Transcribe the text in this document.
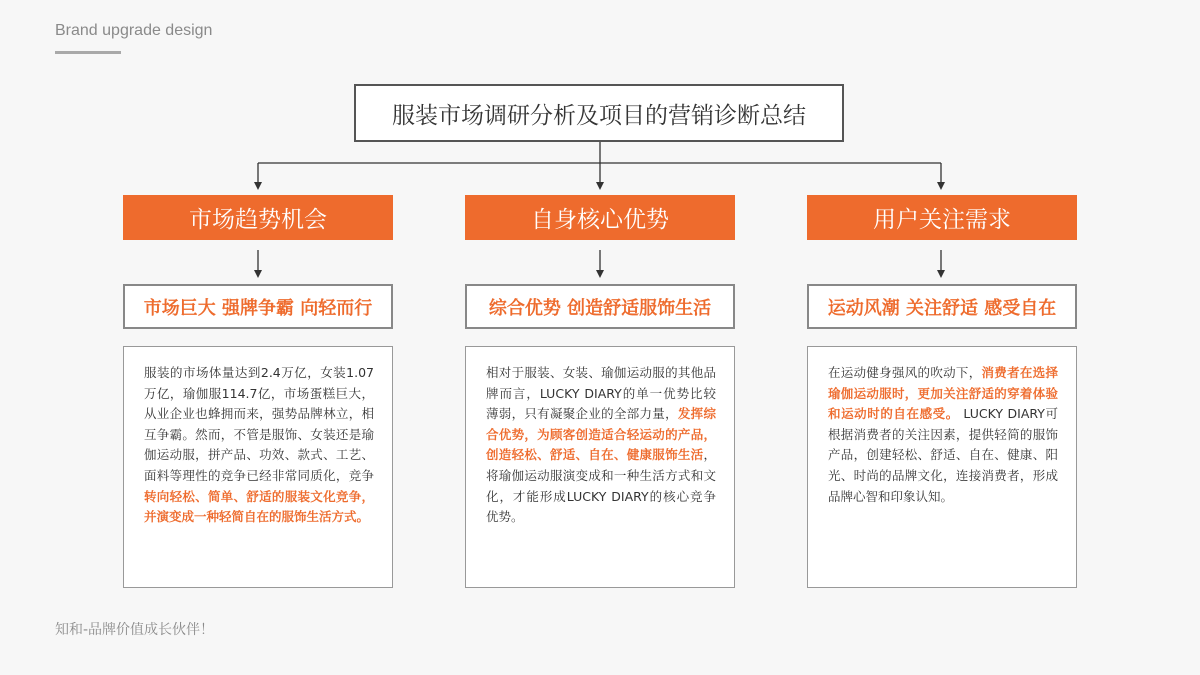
Brand upgrade design
服装市场调研分析及项目的营销诊断总结
市场趋势机会
市场巨大 强牌争霸 向轻而行
服装的市场体量达到2.4万亿，女装1.07万亿，瑜伽服114.7亿，市场蛋糕巨大，从业企业也蜂拥而来，强势品牌林立，相互争霸。然而，不管是服饰、女装还是瑜伽运动服，拼产品、功效、款式、工艺、面料等理性的竞争已经非常同质化，竞争转向轻松、简单、舒适的服装文化竞争，并演变成一种轻简自在的服饰生活方式。
自身核心优势
综合优势 创造舒适服饰生活
相对于服装、女装、瑜伽运动服的其他品牌而言，LUCKY DIARY的单一优势比较薄弱，只有凝聚企业的全部力量，发挥综合优势，为顾客创造适合轻运动的产品，创造轻松、舒适、自在、健康服饰生活，将瑜伽运动服演变成和一种生活方式和文化，才能形成LUCKY DIARY的核心竞争优势。
用户关注需求
运动风潮 关注舒适 感受自在
在运动健身强风的吹动下，消费者在选择瑜伽运动服时，更加关注舒适的穿着体验和运动时的自在感受。 LUCKY DIARY可根据消费者的关注因素，提供轻简的服饰产品，创建轻松、舒适、自在、健康、阳光、时尚的品牌文化，连接消费者，形成品牌心智和印象认知。
知和-品牌价值成长伙伴！
